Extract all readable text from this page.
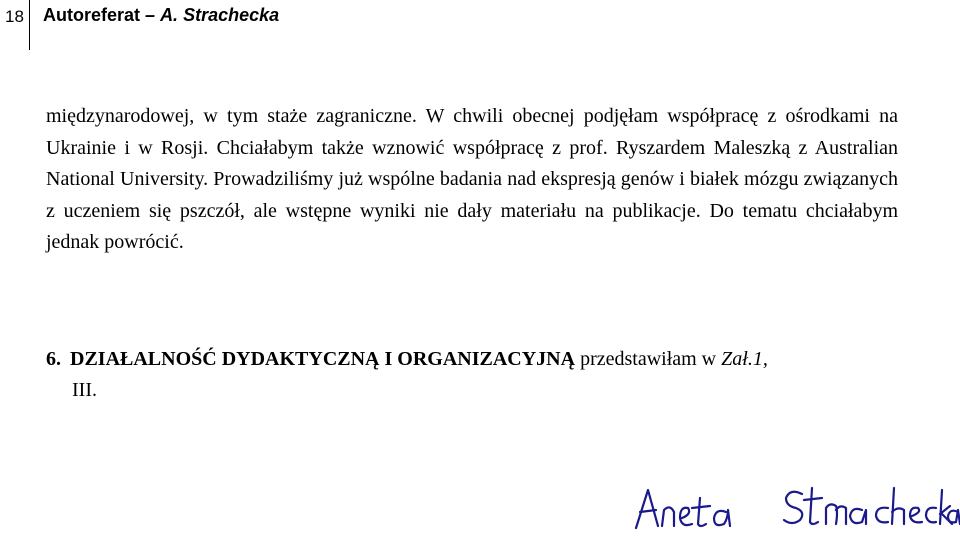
18	Autoreferat – A. Strachecka

międzynarodowej, w tym staże zagraniczne. W chwili obecnej podjęłam współpracę z ośrodkami na Ukrainie i w Rosji. Chciałabym także wznowić współpracę z prof. Ryszardem Maleszką z Australian National University. Prowadziliśmy już wspólne badania nad ekspresją genów i białek mózgu związanych z uczeniem się pszczół, ale wstępne wyniki nie dały materiału na publikacje. Do tematu chciałabym jednak powrócić.

6. DZIAŁALNOŚĆ DYDAKTYCZNĄ I ORGANIZACYJNĄ przedstawiłam w Zał.1,
III.
